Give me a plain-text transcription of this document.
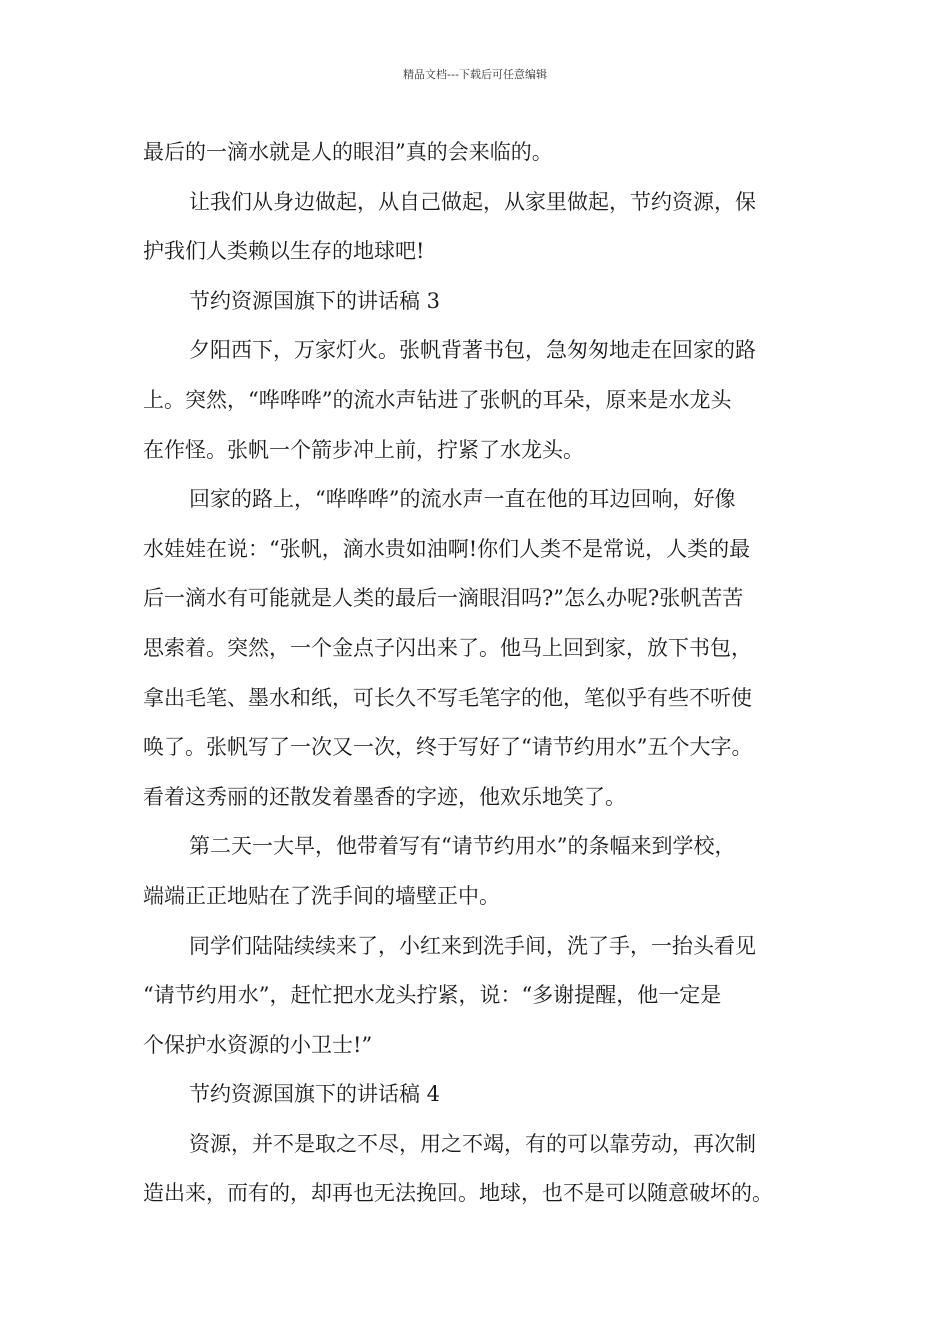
精品文档---下载后可任意编辑
最后的一滴水就是人的眼泪”真的会来临的。
让我们从身边做起，从自己做起，从家里做起，节约资源，保
护我们人类赖以生存的地球吧!
节约资源国旗下的讲话稿 3
夕阳西下，万家灯火。张帆背著书包，急匆匆地走在回家的路
上。突然，“哗哗哗”的流水声钻进了张帆的耳朵，原来是水龙头
在作怪。张帆一个箭步冲上前，拧紧了水龙头。
回家的路上，“哗哗哗”的流水声一直在他的耳边回响，好像
水娃娃在说：“张帆，滴水贵如油啊!你们人类不是常说，人类的最
后一滴水有可能就是人类的最后一滴眼泪吗?”怎么办呢?张帆苦苦
思索着。突然，一个金点子闪出来了。他马上回到家，放下书包，
拿出毛笔、墨水和纸，可长久不写毛笔字的他，笔似乎有些不听使
唤了。张帆写了一次又一次，终于写好了“请节约用水”五个大字。
看着这秀丽的还散发着墨香的字迹，他欢乐地笑了。
第二天一大早，他带着写有“请节约用水”的条幅来到学校，
端端正正地贴在了洗手间的墙壁正中。
同学们陆陆续续来了，小红来到洗手间，洗了手，一抬头看见
“请节约用水”，赶忙把水龙头拧紧，说：“多谢提醒，他一定是
个保护水资源的小卫士!”
节约资源国旗下的讲话稿 4
资源，并不是取之不尽，用之不竭，有的可以靠劳动，再次制
造出来，而有的，却再也无法挽回。地球，也不是可以随意破坏的。
